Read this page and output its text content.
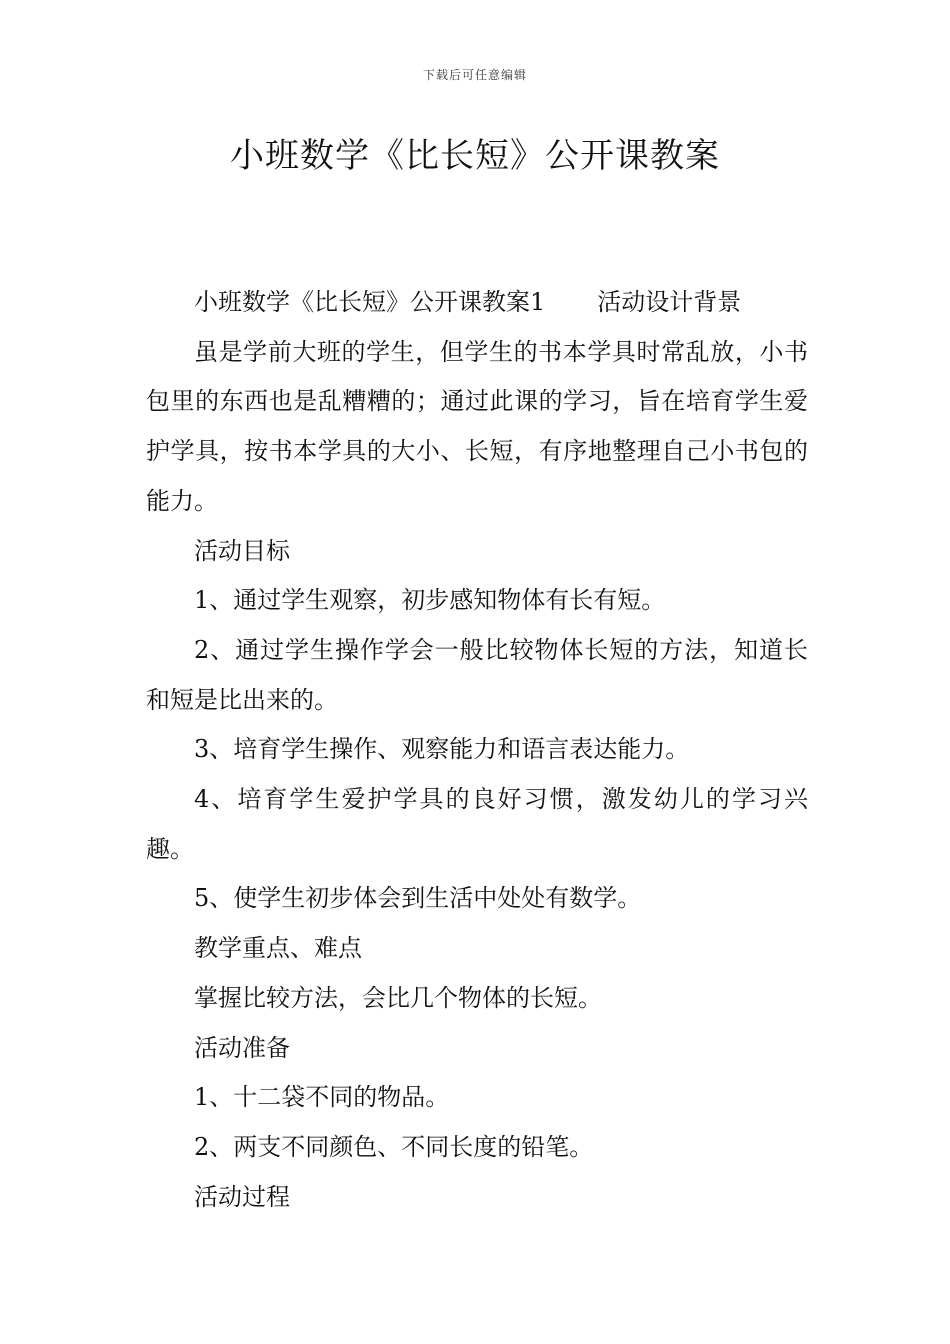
下载后可任意编辑
小班数学《比长短》公开课教案

小班数学《比长短》公开课教案1 活动设计背景

虽是学前大班的学生，但学生的书本学具时常乱放，小书包里的东西也是乱糟糟的；通过此课的学习，旨在培育学生爱护学具，按书本学具的大小、长短，有序地整理自己小书包的能力。

活动目标

1、通过学生观察，初步感知物体有长有短。

2、通过学生操作学会一般比较物体长短的方法，知道长和短是比出来的。

3、培育学生操作、观察能力和语言表达能力。

4、培育学生爱护学具的良好习惯，激发幼儿的学习兴趣。

5、使学生初步体会到生活中处处有数学。

教学重点、难点

掌握比较方法，会比几个物体的长短。

活动准备

1、十二袋不同的物品。

2、两支不同颜色、不同长度的铅笔。

活动过程
